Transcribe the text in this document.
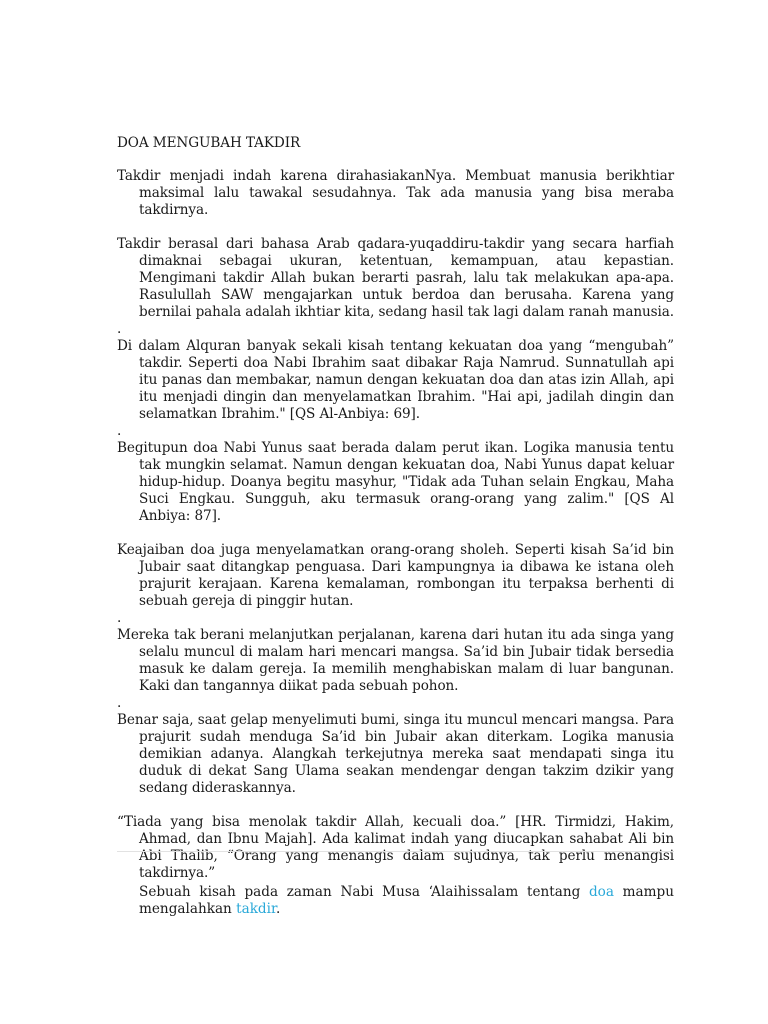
DOA MENGUBAH TAKDIR

Takdir menjadi indah karena dirahasiakanNya. Membuat manusia berikhtiar maksimal lalu tawakal sesudahnya. Tak ada manusia yang bisa meraba takdirnya.

Takdir berasal dari bahasa Arab qadara-yuqaddiru-takdir yang secara harfiah dimaknai sebagai ukuran, ketentuan, kemampuan, atau kepastian. Mengimani takdir Allah bukan berarti pasrah, lalu tak melakukan apa-apa. Rasulullah SAW mengajarkan untuk berdoa dan berusaha. Karena yang bernilai pahala adalah ikhtiar kita, sedang hasil tak lagi dalam ranah manusia.

.

Di dalam Alquran banyak sekali kisah tentang kekuatan doa yang “mengubah” takdir. Seperti doa Nabi Ibrahim saat dibakar Raja Namrud. Sunnatullah api itu panas dan membakar, namun dengan kekuatan doa dan atas izin Allah, api itu menjadi dingin dan menyelamatkan Ibrahim. "Hai api, jadilah dingin dan selamatkan Ibrahim." [QS Al-Anbiya: 69].

.

Begitupun doa Nabi Yunus saat berada dalam perut ikan. Logika manusia tentu tak mungkin selamat. Namun dengan kekuatan doa, Nabi Yunus dapat keluar hidup-hidup. Doanya begitu masyhur, "Tidak ada Tuhan selain Engkau, Maha Suci Engkau. Sungguh, aku termasuk orang-orang yang zalim." [QS Al Anbiya: 87].

Keajaiban doa juga menyelamatkan orang-orang sholeh. Seperti kisah Sa’id bin Jubair saat ditangkap penguasa. Dari kampungnya ia dibawa ke istana oleh prajurit kerajaan. Karena kemalaman, rombongan itu terpaksa berhenti di sebuah gereja di pinggir hutan.

.

Mereka tak berani melanjutkan perjalanan, karena dari hutan itu ada singa yang selalu muncul di malam hari mencari mangsa. Sa’id bin Jubair tidak bersedia masuk ke dalam gereja. Ia memilih menghabiskan malam di luar bangunan. Kaki dan tangannya diikat pada sebuah pohon.

.

Benar saja, saat gelap menyelimuti bumi, singa itu muncul mencari mangsa. Para prajurit sudah menduga Sa’id bin Jubair akan diterkam. Logika manusia demikian adanya. Alangkah terkejutnya mereka saat mendapati singa itu duduk di dekat Sang Ulama seakan mendengar dengan takzim dzikir yang sedang dideraskannya.

“Tiada yang bisa menolak takdir Allah, kecuali doa.” [HR. Tirmidzi, Hakim, Ahmad, dan Ibnu Majah]. Ada kalimat indah yang diucapkan sahabat Ali bin Abi Thalib, “Orang yang menangis dalam sujudnya, tak perlu menangisi takdirnya.”

Sebuah kisah pada zaman Nabi Musa ‘Alaihissalam tentang doa mampu mengalahkan takdir.
